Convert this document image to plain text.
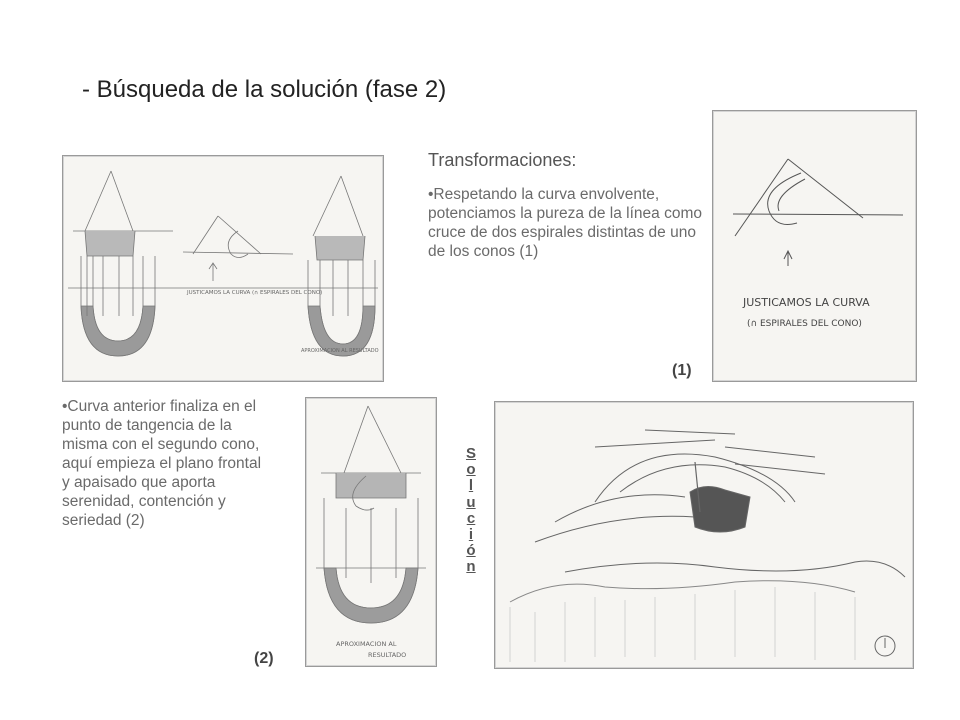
- Búsqueda de la solución (fase 2)
JUSTICAMOS LA CURVA (∩ ESPIRALES DEL CONO)
APROXIMACION AL RESULTADO
Transformaciones:
•Respetando la curva envolvente, potenciamos la pureza de la línea como cruce de dos espirales distintas de uno de los conos (1)
JUSTICAMOS LA CURVA
(∩ ESPIRALES DEL CONO)
(1)
•Curva anterior finaliza en el punto de tangencia de la misma con el segundo cono, aquí empieza el plano frontal y apaisado que aporta serenidad, contención y seriedad (2)
APROXIMACION AL
RESULTADO
(2)
S
o
l
u
c
i
ó
n
